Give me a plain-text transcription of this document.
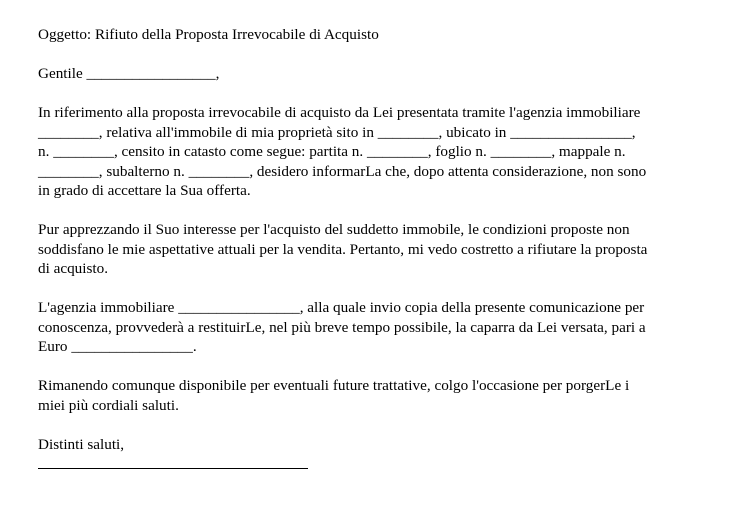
Oggetto: Rifiuto della Proposta Irrevocabile di Acquisto

Gentile _________________,

In riferimento alla proposta irrevocabile di acquisto da Lei presentata tramite l'agenzia immobiliare
________, relativa all'immobile di mia proprietà sito in ________, ubicato in ________________,
n. ________, censito in catasto come segue: partita n. ________, foglio n. ________, mappale n.
________, subalterno n. ________, desidero informarLa che, dopo attenta considerazione, non sono
in grado di accettare la Sua offerta.
Pur apprezzando il Suo interesse per l'acquisto del suddetto immobile, le condizioni proposte non
soddisfano le mie aspettative attuali per la vendita. Pertanto, mi vedo costretto a rifiutare la proposta
di acquisto.
L'agenzia immobiliare ________________, alla quale invio copia della presente comunicazione per
conoscenza, provvederà a restituirLe, nel più breve tempo possibile, la caparra da Lei versata, pari a
Euro ________________.
Rimanendo comunque disponibile per eventuali future trattative, colgo l'occasione per porgerLe i
miei più cordiali saluti.

Distinti saluti,
